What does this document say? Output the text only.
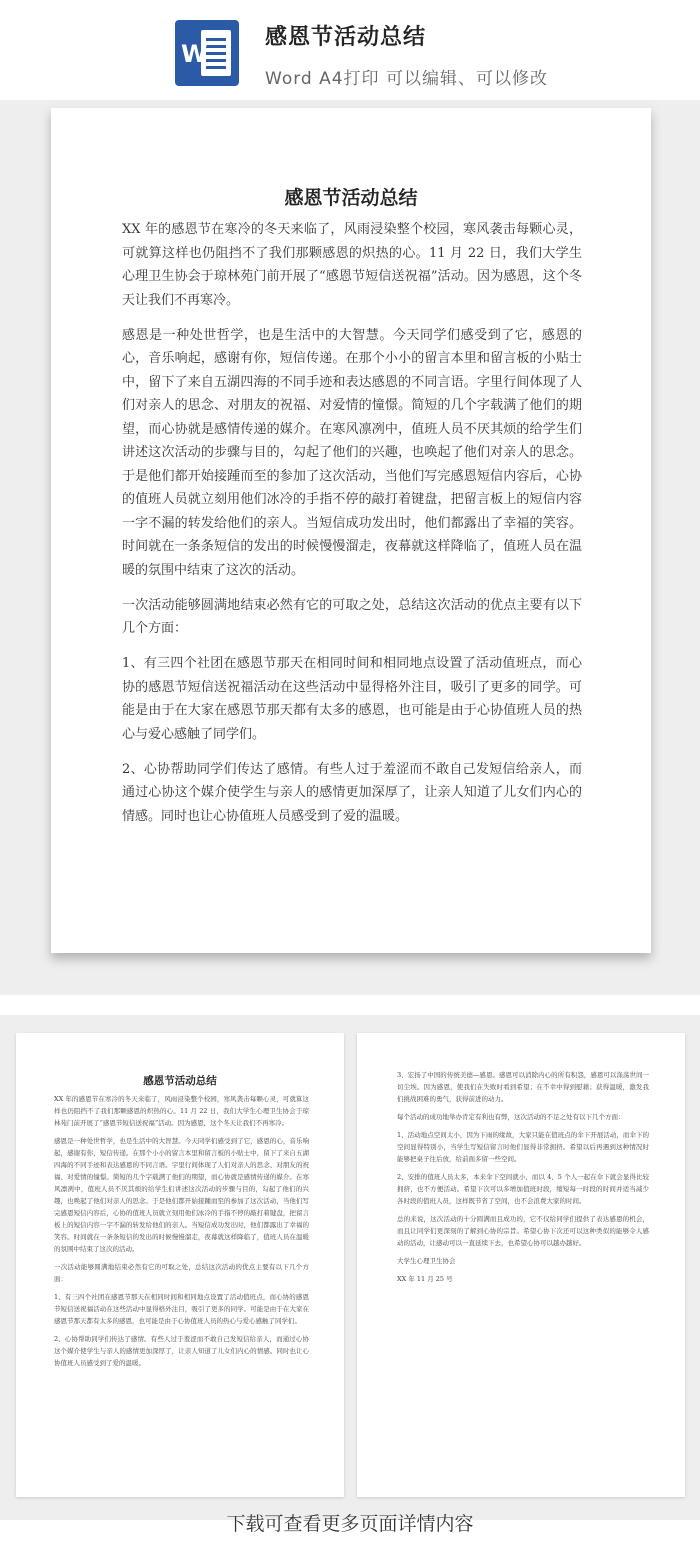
W
感恩节活动总结
Word A4打印 可以编辑、可以修改
感恩节活动总结

XX 年的感恩节在寒冷的冬天来临了，风雨浸染整个校园，寒风袭击每颗心灵，可就算这样也仍阻挡不了我们那颗感恩的炽热的心。11 月 22 日，我们大学生心理卫生协会于琼林苑门前开展了“感恩节短信送祝福”活动。因为感恩，这个冬天让我们不再寒冷。

感恩是一种处世哲学，也是生活中的大智慧。今天同学们感受到了它，感恩的心，音乐响起，感谢有你，短信传递。在那个小小的留言本里和留言板的小贴士中，留下了来自五湖四海的不同手迹和表达感恩的不同言语。字里行间体现了人们对亲人的思念、对朋友的祝福、对爱情的憧憬。简短的几个字载满了他们的期望，而心协就是感情传递的媒介。在寒风凛冽中，值班人员不厌其烦的给学生们讲述这次活动的步骤与目的，勾起了他们的兴趣，也唤起了他们对亲人的思念。于是他们都开始接踵而至的参加了这次活动，当他们写完感恩短信内容后，心协的值班人员就立刻用他们冰冷的手指不停的敲打着键盘，把留言板上的短信内容一字不漏的转发给他们的亲人。当短信成功发出时，他们都露出了幸福的笑容。时间就在一条条短信的发出的时候慢慢溜走，夜幕就这样降临了，值班人员在温暖的氛围中结束了这次的活动。

一次活动能够圆满地结束必然有它的可取之处，总结这次活动的优点主要有以下几个方面：

1、有三四个社团在感恩节那天在相同时间和相同地点设置了活动值班点，而心协的感恩节短信送祝福活动在这些活动中显得格外注目，吸引了更多的同学。可能是由于在大家在感恩节那天都有太多的感恩，也可能是由于心协值班人员的热心与爱心感触了同学们。

2、心协帮助同学们传达了感情。有些人过于羞涩而不敢自己发短信给亲人，而通过心协这个媒介使学生与亲人的感情更加深厚了，让亲人知道了儿女们内心的情感。同时也让心协值班人员感受到了爱的温暖。

感恩节活动总结

XX 年的感恩节在寒冷的冬天来临了，风雨浸染整个校园，寒风袭击每颗心灵，可就算这样也仍阻挡不了我们那颗感恩的炽热的心。11 月 22 日，我们大学生心理卫生协会于琼林苑门前开展了“感恩节短信送祝福”活动。因为感恩，这个冬天让我们不再寒冷。

感恩是一种处世哲学，也是生活中的大智慧。今天同学们感受到了它，感恩的心，音乐响起，感谢有你，短信传递。在那个小小的留言本里和留言板的小贴士中，留下了来自五湖四海的不同手迹和表达感恩的不同言语。字里行间体现了人们对亲人的思念、对朋友的祝福、对爱情的憧憬。简短的几个字载满了他们的期望，而心协就是感情传递的媒介。在寒风凛冽中，值班人员不厌其烦的给学生们讲述这次活动的步骤与目的，勾起了他们的兴趣，也唤起了他们对亲人的思念。于是他们都开始接踵而至的参加了这次活动，当他们写完感恩短信内容后，心协的值班人员就立刻用他们冰冷的手指不停的敲打着键盘，把留言板上的短信内容一字不漏的转发给他们的亲人。当短信成功发出时，他们都露出了幸福的笑容。时间就在一条条短信的发出的时候慢慢溜走，夜幕就这样降临了，值班人员在温暖的氛围中结束了这次的活动。

一次活动能够圆满地结束必然有它的可取之处，总结这次活动的优点主要有以下几个方面：

1、有三四个社团在感恩节那天在相同时间和相同地点设置了活动值班点，而心协的感恩节短信送祝福活动在这些活动中显得格外注目，吸引了更多的同学。可能是由于在大家在感恩节那天都有太多的感恩，也可能是由于心协值班人员的热心与爱心感触了同学们。

2、心协帮助同学们传达了感情。有些人过于羞涩而不敢自己发短信给亲人，而通过心协这个媒介使学生与亲人的感情更加深厚了，让亲人知道了儿女们内心的情感。同时也让心协值班人员感受到了爱的温暖。

3、宏扬了中国的传统美德—感恩。感恩可以消除内心的所有积怨，感恩可以涤荡世间一切尘埃。因为感恩，使我们在失败时看到希望；在不幸中得到慰藉；获得温暖，激发我们挑战困难的勇气，获得前进的动力。

每个活动的成功地举办肯定有利也有弊，这次活动的不足之处有以下几个方面：

1、活动地点空间太小，因为下雨的缘故，大家只能在值班点的伞下开展活动，而伞下的空间显得特别小，当学生写短信留言时他们显得非常拥挤。希望以后再遇到这种情况时能够把桌子往后放，给前面多留一些空间。

2、安排的值班人员太多，本来伞下空间就小，而以 4、5 个人一起在伞下就会显得比较拥挤，也不方便活动。希望下次可以多增加值班时段，缩短每一时段的时间并适当减少各时段的值班人员，这样既节省了空间，也不会浪费大家的时间。

总的来说，这次活动的十分圆满而且成功的，它不仅给同学们提供了表达感恩的机会，而且让同学们更深刻的了解到心协的宗旨。希望心协下次还可以这种类似的能够令人感动的活动，让感动可以一直延续下去，也希望心协可以越办越好。

大学生心理卫生协会

XX 年 11 月 25 号

下载可查看更多页面详情内容
